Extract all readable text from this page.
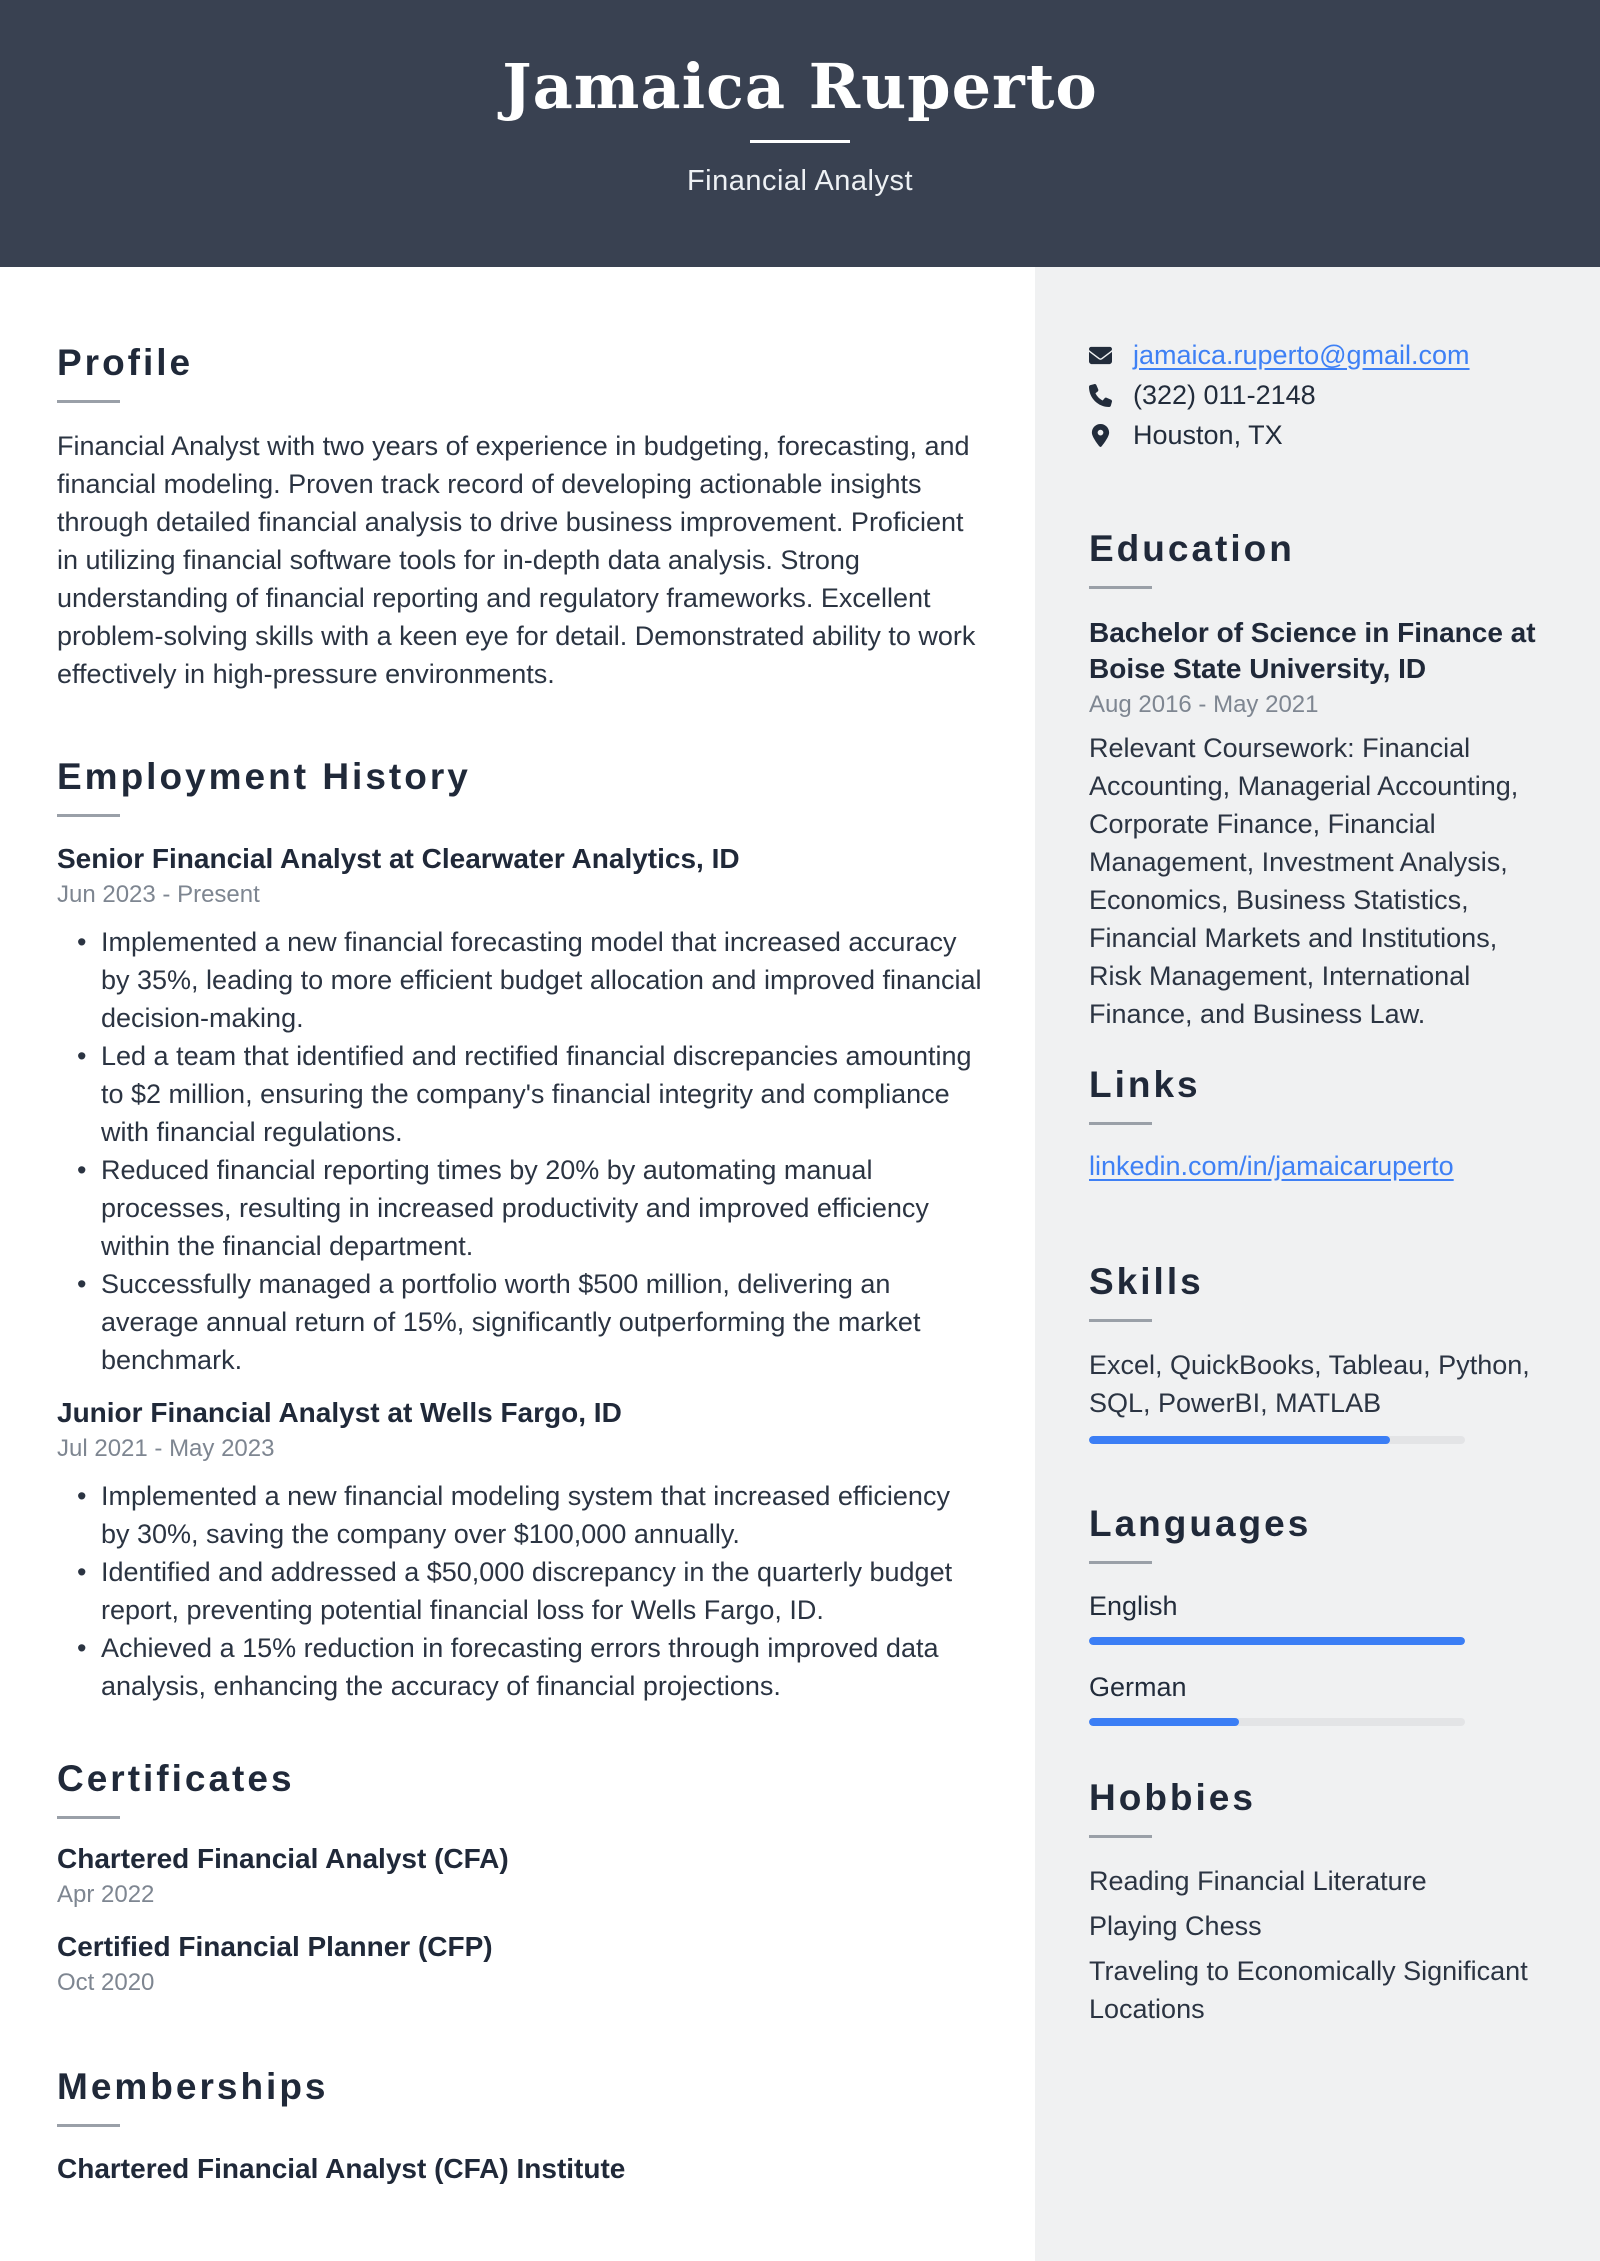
Jamaica Ruperto
Financial Analyst
Profile

Financial Analyst with two years of experience in budgeting, forecasting, and financial modeling. Proven track record of developing actionable insights through detailed financial analysis to drive business improvement. Proficient in utilizing financial software tools for in-depth data analysis. Strong understanding of financial reporting and regulatory frameworks. Excellent problem-solving skills with a keen eye for detail. Demonstrated ability to work effectively in high-pressure environments.

Employment History
Senior Financial Analyst at Clearwater Analytics, ID
Jun 2023 - Present
• Implemented a new financial forecasting model that increased accuracy by 35%, leading to more efficient budget allocation and improved financial decision-making.
• Led a team that identified and rectified financial discrepancies amounting to $2 million, ensuring the company's financial integrity and compliance with financial regulations.
• Reduced financial reporting times by 20% by automating manual processes, resulting in increased productivity and improved efficiency within the financial department.
• Successfully managed a portfolio worth $500 million, delivering an average annual return of 15%, significantly outperforming the market benchmark.
Junior Financial Analyst at Wells Fargo, ID
Jul 2021 - May 2023
• Implemented a new financial modeling system that increased efficiency by 30%, saving the company over $100,000 annually.
• Identified and addressed a $50,000 discrepancy in the quarterly budget report, preventing potential financial loss for Wells Fargo, ID.
• Achieved a 15% reduction in forecasting errors through improved data analysis, enhancing the accuracy of financial projections.
Certificates
Chartered Financial Analyst (CFA)
Apr 2022
Certified Financial Planner (CFP)
Oct 2020
Memberships
Chartered Financial Analyst (CFA) Institute
jamaica.ruperto@gmail.com
(322) 011-2148
Houston, TX
Education
Bachelor of Science in Finance at Boise State University, ID
Aug 2016 - May 2021
Relevant Coursework: Financial Accounting, Managerial Accounting, Corporate Finance, Financial Management, Investment Analysis, Economics, Business Statistics, Financial Markets and Institutions, Risk Management, International Finance, and Business Law.
Links
linkedin.com/in/jamaicaruperto
Skills
Excel, QuickBooks, Tableau, Python, SQL, PowerBI, MATLAB
Languages
English
German
Hobbies
Reading Financial Literature
Playing Chess
Traveling to Economically Significant Locations
